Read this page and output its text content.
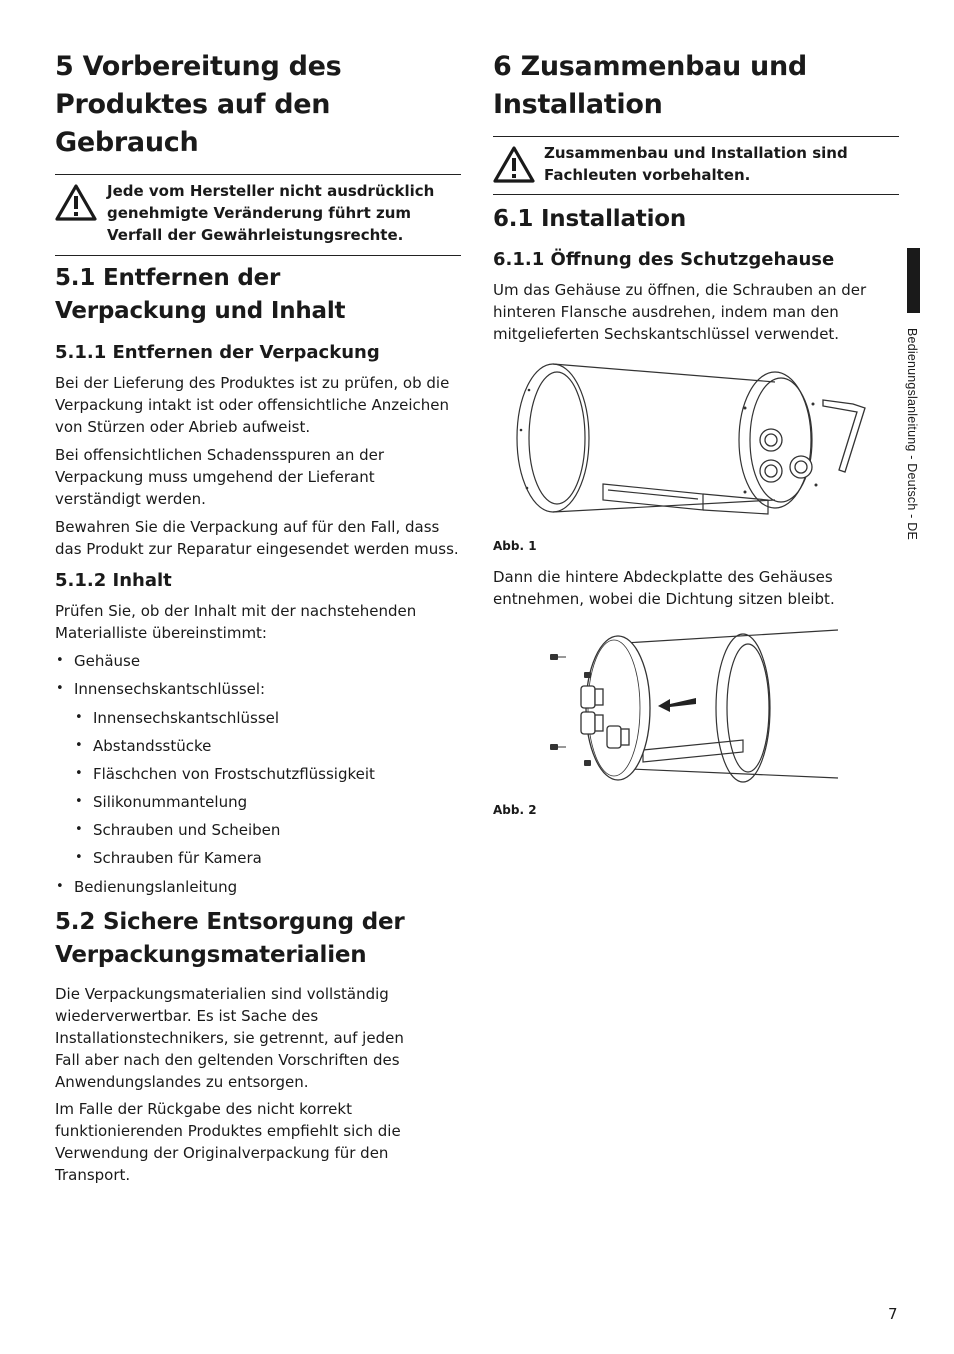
5 Vorbereitung des Produktes auf den Gebrauch
Jede vom Hersteller nicht ausdrücklich genehmigte Veränderung führt zum Verfall der Gewährleistungsrechte.
5.1 Entfernen der Verpackung und Inhalt
5.1.1 Entfernen der Verpackung

Bei der Lieferung des Produktes ist zu prüfen, ob die Verpackung intakt ist oder offensichtliche Anzeichen von Stürzen oder Abrieb aufweist.

Bei offensichtlichen Schadensspuren an der Verpackung muss umgehend der Lieferant verständigt werden.

Bewahren Sie die Verpackung auf für den Fall, dass das Produkt zur Reparatur eingesendet werden muss.

5.1.2 Inhalt

Prüfen Sie, ob der Inhalt mit der nachstehenden Materialliste übereinstimmt:

• Gehäuse
• Innensechskantschlüssel:
• Innensechskantschlüssel
• Abstandsstücke
• Fläschchen von Frostschutzflüssigkeit
• Silikonummantelung
• Schrauben und Scheiben
• Schrauben für Kamera
• Bedienungslanleitung
5.2 Sichere Entsorgung der Verpackungsmaterialien

Die Verpackungsmaterialien sind vollständig wiederverwertbar. Es ist Sache des Installationstechnikers, sie getrennt, auf jeden Fall aber nach den geltenden Vorschriften des Anwendungslandes zu entsorgen.

Im Falle der Rückgabe des nicht korrekt funktionierenden Produktes empfiehlt sich die Verwendung der Originalverpackung für den Transport.

6 Zusammenbau und Installation
Zusammenbau und Installation sind Fachleuten vorbehalten.
6.1 Installation
6.1.1 Öffnung des Schutzgehause

Um das Gehäuse zu öffnen, die Schrauben an der hinteren Flansche ausdrehen, indem man den mitgelieferten Sechskantschlüssel verwendet.

Abb. 1

Dann die hintere Abdeckplatte des Gehäuses entnehmen, wobei die Dichtung sitzen bleibt.

Abb. 2
Bedienungslanleitung - Deutsch - DE
7
